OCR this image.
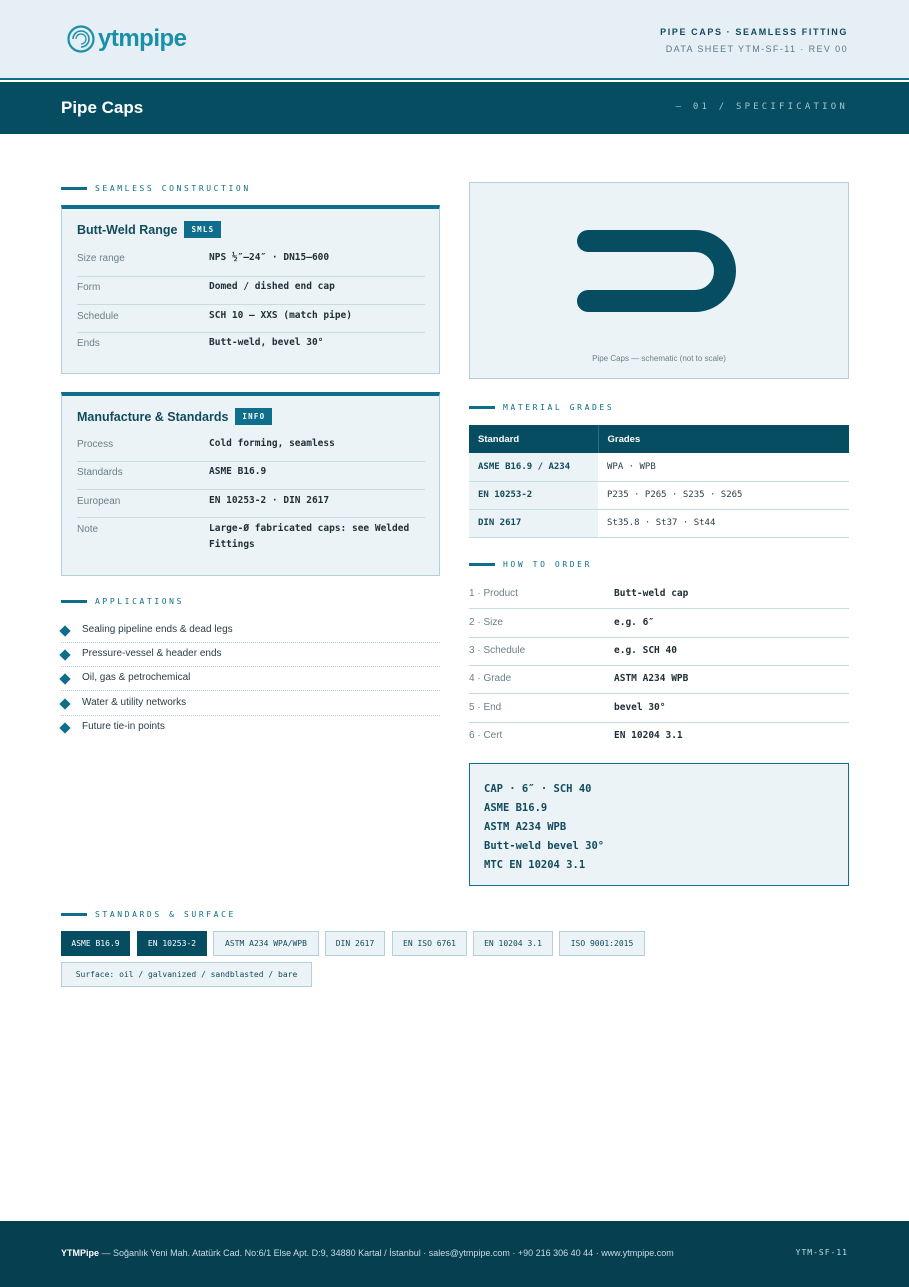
ytmpipe	PIPE CAPS · SEAMLESS FITTING
DATA SHEET YTM-SF-11 · REV 00
Pipe Caps	— 01 / SPECIFICATION
SEAMLESS CONSTRUCTION
Butt-Weld Range	SMLS
Size range	NPS ½″–24″ · DN15–600
Form	Domed / dished end cap
Schedule	SCH 10 – XXS (match pipe)
Ends	Butt-weld, bevel 30°
Manufacture & Standards	INFO
Process	Cold forming, seamless
Standards	ASME B16.9
European	EN 10253-2 · DIN 2617
Note	Large-Ø fabricated caps: see Welded Fittings
APPLICATIONS
Sealing pipeline ends & dead legs
Pressure-vessel & header ends
Oil, gas & petrochemical
Water & utility networks
Future tie-in points
Pipe Caps — schematic (not to scale)
MATERIAL GRADES
Standard	Grades
ASME B16.9 / A234	WPA · WPB
EN 10253-2	P235 · P265 · S235 · S265
DIN 2617	St35.8 · St37 · St44
HOW TO ORDER
1 · Product	Butt-weld cap
2 · Size	e.g. 6″
3 · Schedule	e.g. SCH 40
4 · Grade	ASTM A234 WPB
5 · End	bevel 30°
6 · Cert	EN 10204 3.1
CAP · 6″ · SCH 40
ASME B16.9
ASTM A234 WPB
Butt-weld bevel 30°
MTC EN 10204 3.1
STANDARDS & SURFACE
ASME B16.9	EN 10253-2	ASTM A234 WPA/WPB	DIN 2617	EN ISO 6761	EN 10204 3.1	ISO 9001:2015
Surface: oil / galvanized / sandblasted / bare
YTMPipe — Soğanlık Yeni Mah. Atatürk Cad. No:6/1 Else Apt. D:9, 34880 Kartal / İstanbul · sales@ytmpipe.com · +90 216 306 40 44 · www.ytmpipe.com	YTM-SF-11
